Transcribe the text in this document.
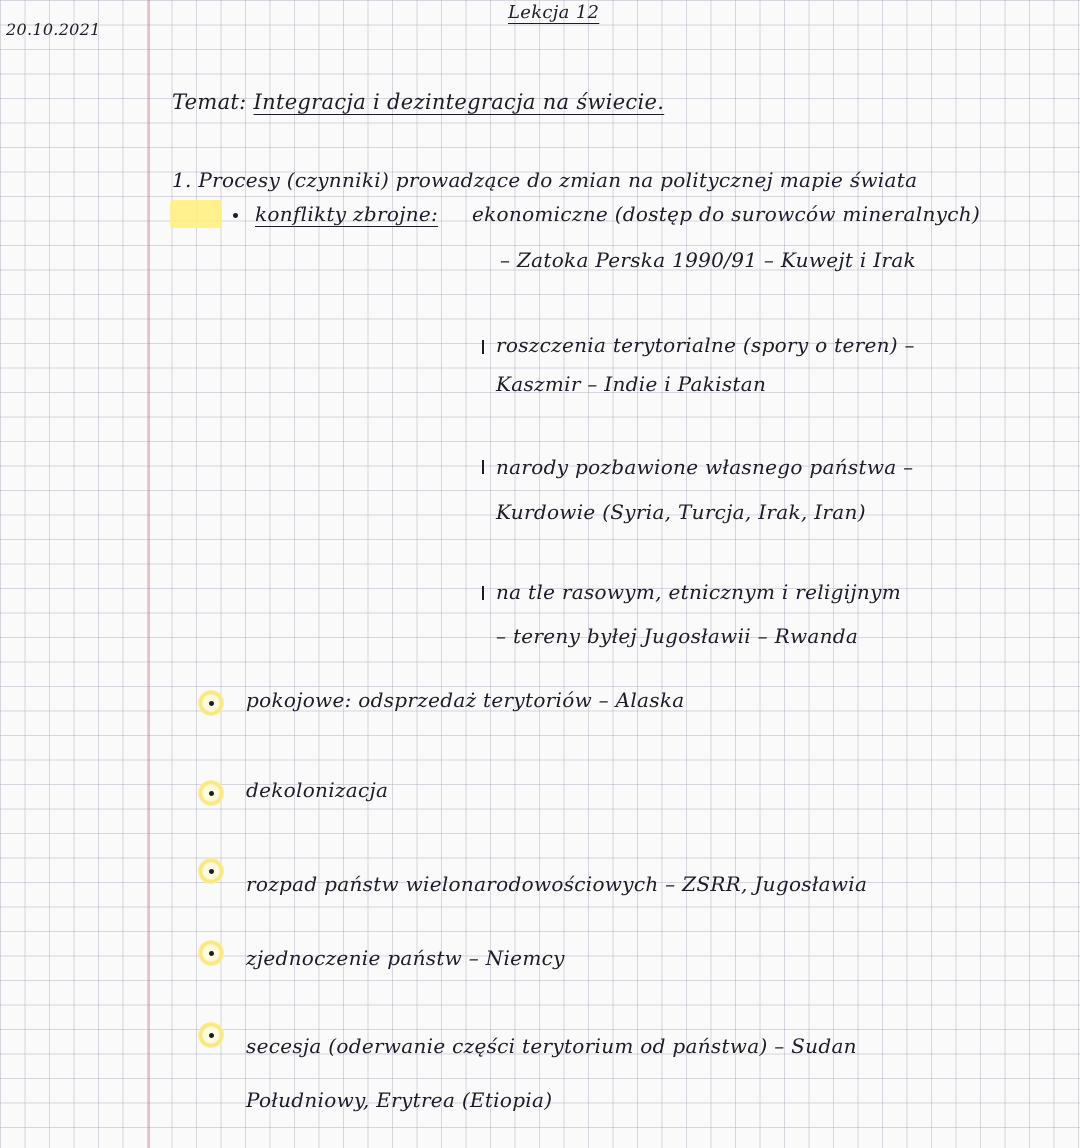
20.10.2021
Lekcja 12
Temat: Integracja i dezintegracja na świecie.
1. Procesy (czynniki) prowadzące do zmian na politycznej mapie świata
konflikty zbrojne: ekonomiczne (dostęp do surowców mineralnych)
– Zatoka Perska 1990/91 – Kuwejt i Irak
roszczenia terytorialne (spory o teren) –
Kaszmir – Indie i Pakistan
narody pozbawione własnego państwa –
Kurdowie (Syria, Turcja, Irak, Iran)
na tle rasowym, etnicznym i religijnym
– tereny byłej Jugosławii – Rwanda
pokojowe: odsprzedaż terytoriów – Alaska
dekolonizacja
rozpad państw wielonarodowościowych – ZSRR, Jugosławia
zjednoczenie państw – Niemcy
secesja (oderwanie części terytorium od państwa) – Sudan
Południowy, Erytrea (Etiopia)
